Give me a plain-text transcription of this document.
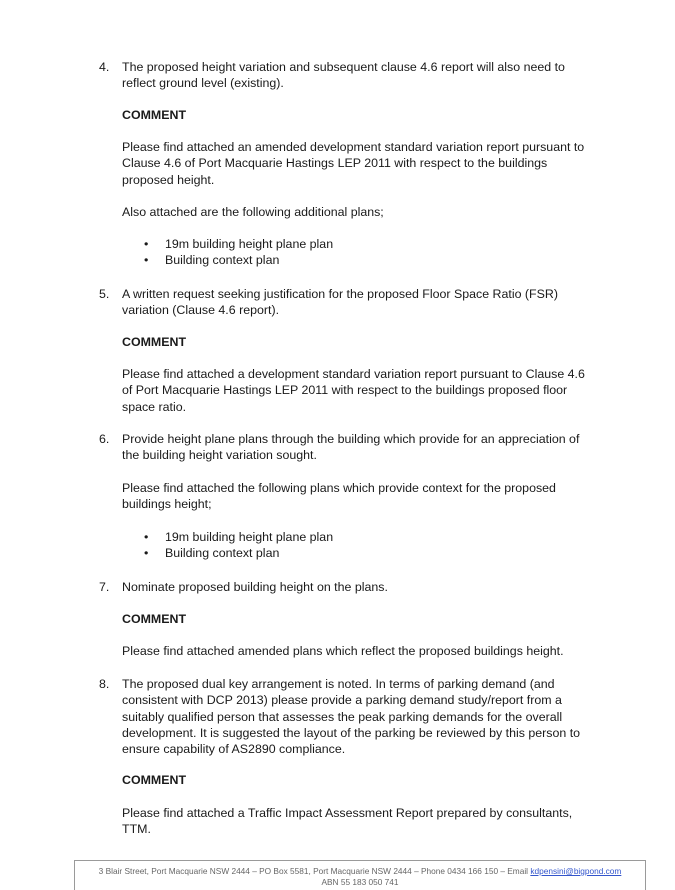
4. The proposed height variation and subsequent clause 4.6 report will also need to reflect ground level (existing).
COMMENT
Please find attached an amended development standard variation report pursuant to Clause 4.6 of Port Macquarie Hastings LEP 2011 with respect to the buildings proposed height.
Also attached are the following additional plans;
• 19m building height plane plan
• Building context plan
5. A written request seeking justification for the proposed Floor Space Ratio (FSR) variation (Clause 4.6 report).
COMMENT
Please find attached a development standard variation report pursuant to Clause 4.6 of Port Macquarie Hastings LEP 2011 with respect to the buildings proposed floor space ratio.
6. Provide height plane plans through the building which provide for an appreciation of the building height variation sought.
Please find attached the following plans which provide context for the proposed buildings height;
• 19m building height plane plan
• Building context plan
7. Nominate proposed building height on the plans.
COMMENT
Please find attached amended plans which reflect the proposed buildings height.
8. The proposed dual key arrangement is noted. In terms of parking demand (and consistent with DCP 2013) please provide a parking demand study/report from a suitably qualified person that assesses the peak parking demands for the overall development. It is suggested the layout of the parking be reviewed by this person to ensure capability of AS2890 compliance.
COMMENT
Please find attached a Traffic Impact Assessment Report prepared by consultants, TTM.
3 Blair Street, Port Macquarie NSW 2444 – PO Box 5581, Port Macquarie NSW 2444 – Phone 0434 166 150 – Email kdpensini@bigpond.com
ABN 55 183 050 741
